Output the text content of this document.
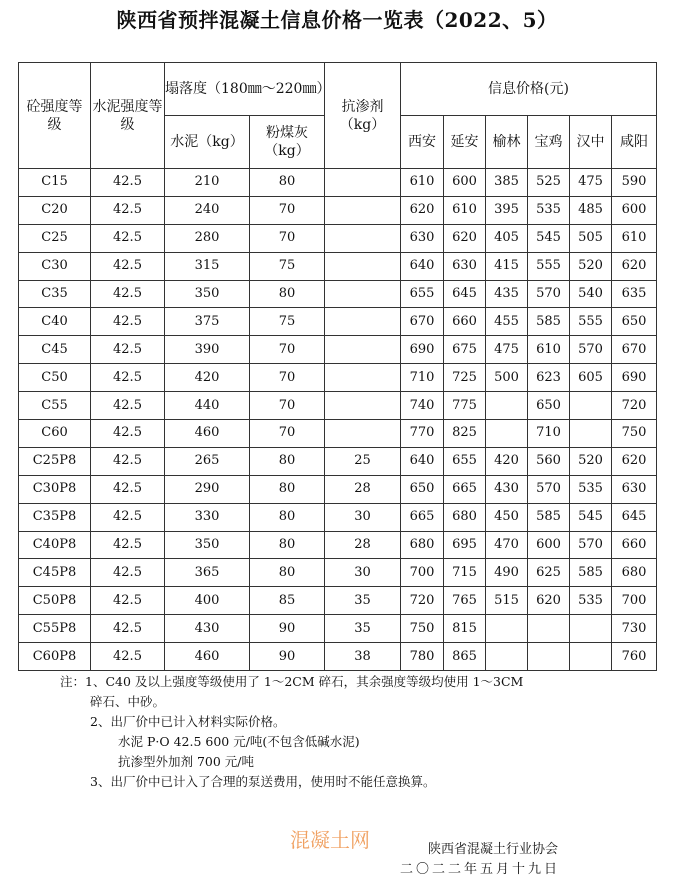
陕西省预拌混凝土信息价格一览表（2022、5）
砼强度等 级	水泥强度等级	塌落度（180㎜～220㎜）		抗渗剂（kg）	信息价格(元)					
		水泥（kg）	粉煤灰（kg）		西安	延安	榆林	宝鸡	汉中	咸阳
C15	42.5	210	80		610	600	385	525	475	590
C20	42.5	240	70		620	610	395	535	485	600
C25	42.5	280	70		630	620	405	545	505	610
C30	42.5	315	75		640	630	415	555	520	620
C35	42.5	350	80		655	645	435	570	540	635
C40	42.5	375	75		670	660	455	585	555	650
C45	42.5	390	70		690	675	475	610	570	670
C50	42.5	420	70		710	725	500	623	605	690
C55	42.5	440	70		740	775		650		720
C60	42.5	460	70		770	825		710		750
C25P8	42.5	265	80	25	640	655	420	560	520	620
C30P8	42.5	290	80	28	650	665	430	570	535	630
C35P8	42.5	330	80	30	665	680	450	585	545	645
C40P8	42.5	350	80	28	680	695	470	600	570	660
C45P8	42.5	365	80	30	700	715	490	625	585	680
C50P8	42.5	400	85	35	720	765	515	620	535	700
C55P8	42.5	430	90	35	750	815				730
C60P8	42.5	460	90	38	780	865				760
注：1、C40 及以上强度等级使用了 1～2CM 碎石，其余强度等级均使用 1～3CM
碎石、中砂。
2、出厂价中已计入材料实际价格。
水泥 P·O 42.5 600 元/吨(不包含低碱水泥)
抗渗型外加剂 700 元/吨
3、出厂价中已计入了合理的泵送费用，使用时不能任意换算。
混凝土网	陕西省混凝土行业协会
二〇二二年五月十九日
